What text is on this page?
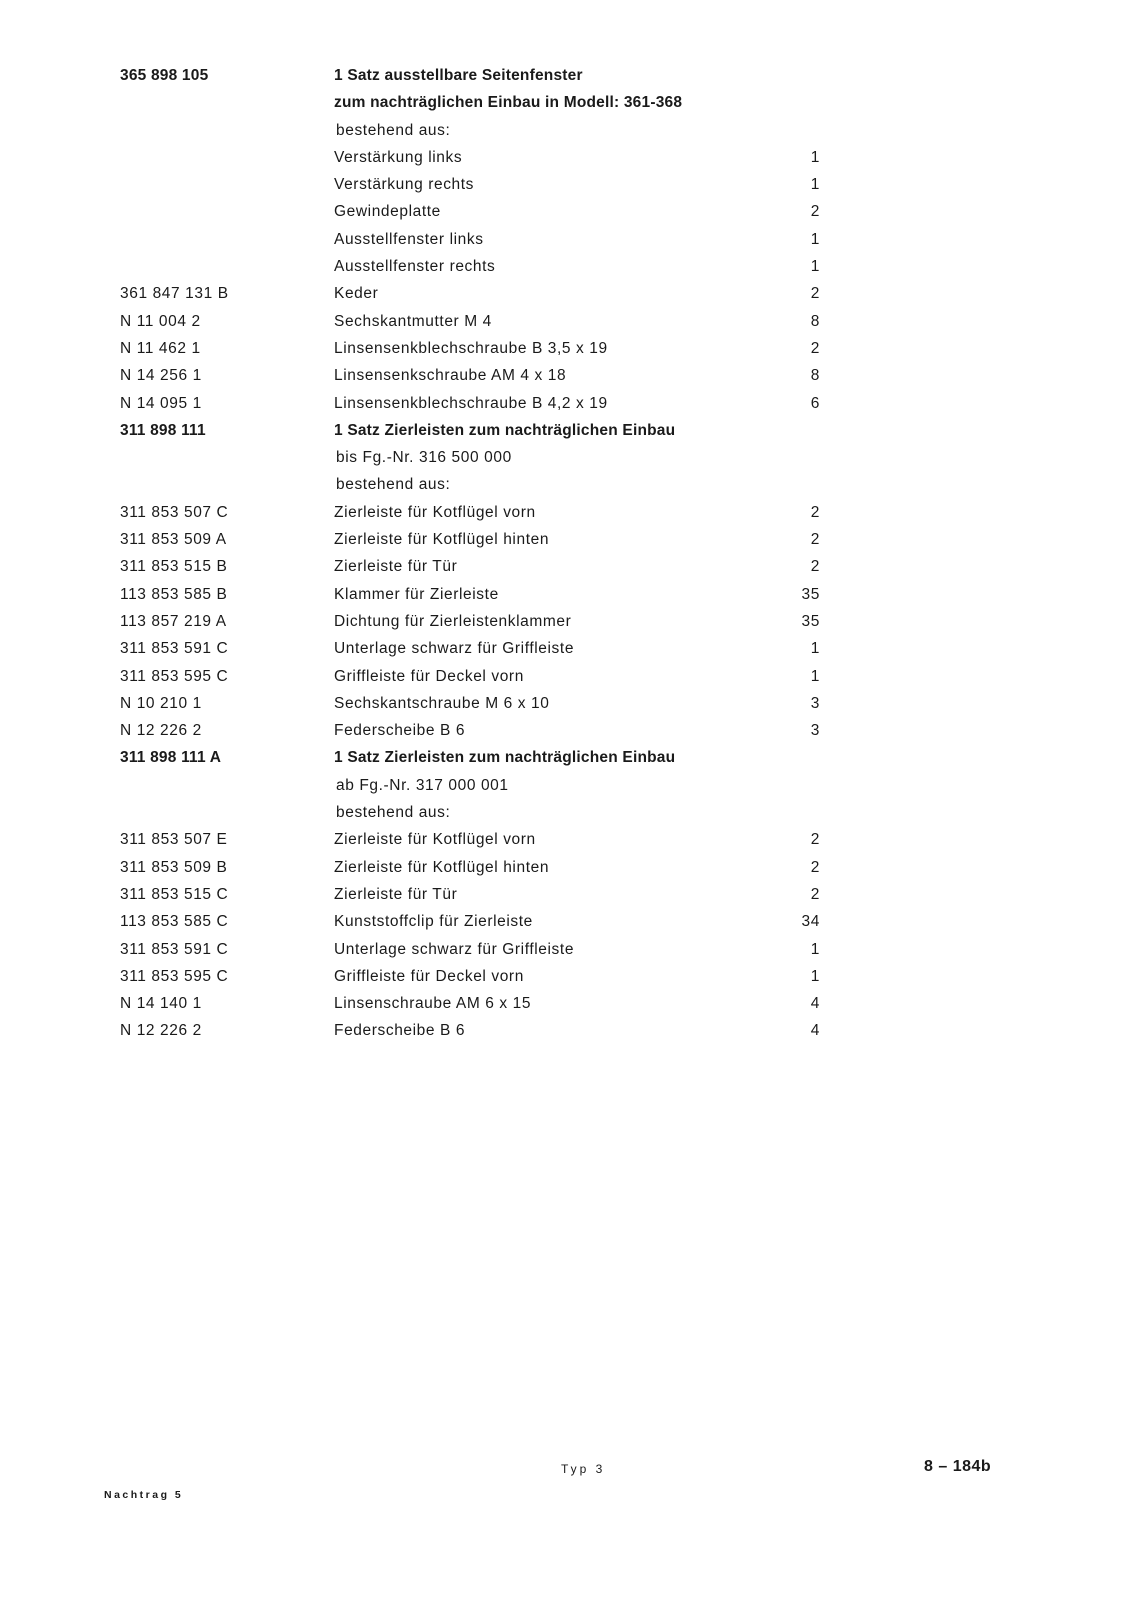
365 898 105	1 Satz ausstellbare Seitenfenster
zum nachträglichen Einbau in Modell: 361-368
bestehend aus:
Verstärkung links	1
Verstärkung rechts	1
Gewindeplatte	2
Ausstellfenster links	1
Ausstellfenster rechts	1
361 847 131 B	Keder	2
N 11 004 2	Sechskantmutter M 4	8
N 11 462 1	Linsensenkblechschraube B 3,5 x 19	2
N 14 256 1	Linsensenkschraube AM 4 x 18	8
N 14 095 1	Linsensenkblechschraube B 4,2 x 19	6
311 898 111	1 Satz Zierleisten zum nachträglichen Einbau
bis Fg.-Nr. 316 500 000
bestehend aus:
311 853 507 C	Zierleiste für Kotflügel vorn	2
311 853 509 A	Zierleiste für Kotflügel hinten	2
311 853 515 B	Zierleiste für Tür	2
113 853 585 B	Klammer für Zierleiste	35
113 857 219 A	Dichtung für Zierleistenklammer	35
311 853 591 C	Unterlage schwarz für Griffleiste	1
311 853 595 C	Griffleiste für Deckel vorn	1
N 10 210 1	Sechskantschraube M 6 x 10	3
N 12 226 2	Federscheibe B 6	3
311 898 111 A	1 Satz Zierleisten zum nachträglichen Einbau
ab Fg.-Nr. 317 000 001
bestehend aus:
311 853 507 E	Zierleiste für Kotflügel vorn	2
311 853 509 B	Zierleiste für Kotflügel hinten	2
311 853 515 C	Zierleiste für Tür	2
113 853 585 C	Kunststoffclip für Zierleiste	34
311 853 591 C	Unterlage schwarz für Griffleiste	1
311 853 595 C	Griffleiste für Deckel vorn	1
N 14 140 1	Linsenschraube AM 6 x 15	4
N 12 226 2	Federscheibe B 6	4
Typ 3	8 – 184b
Nachtrag 5
